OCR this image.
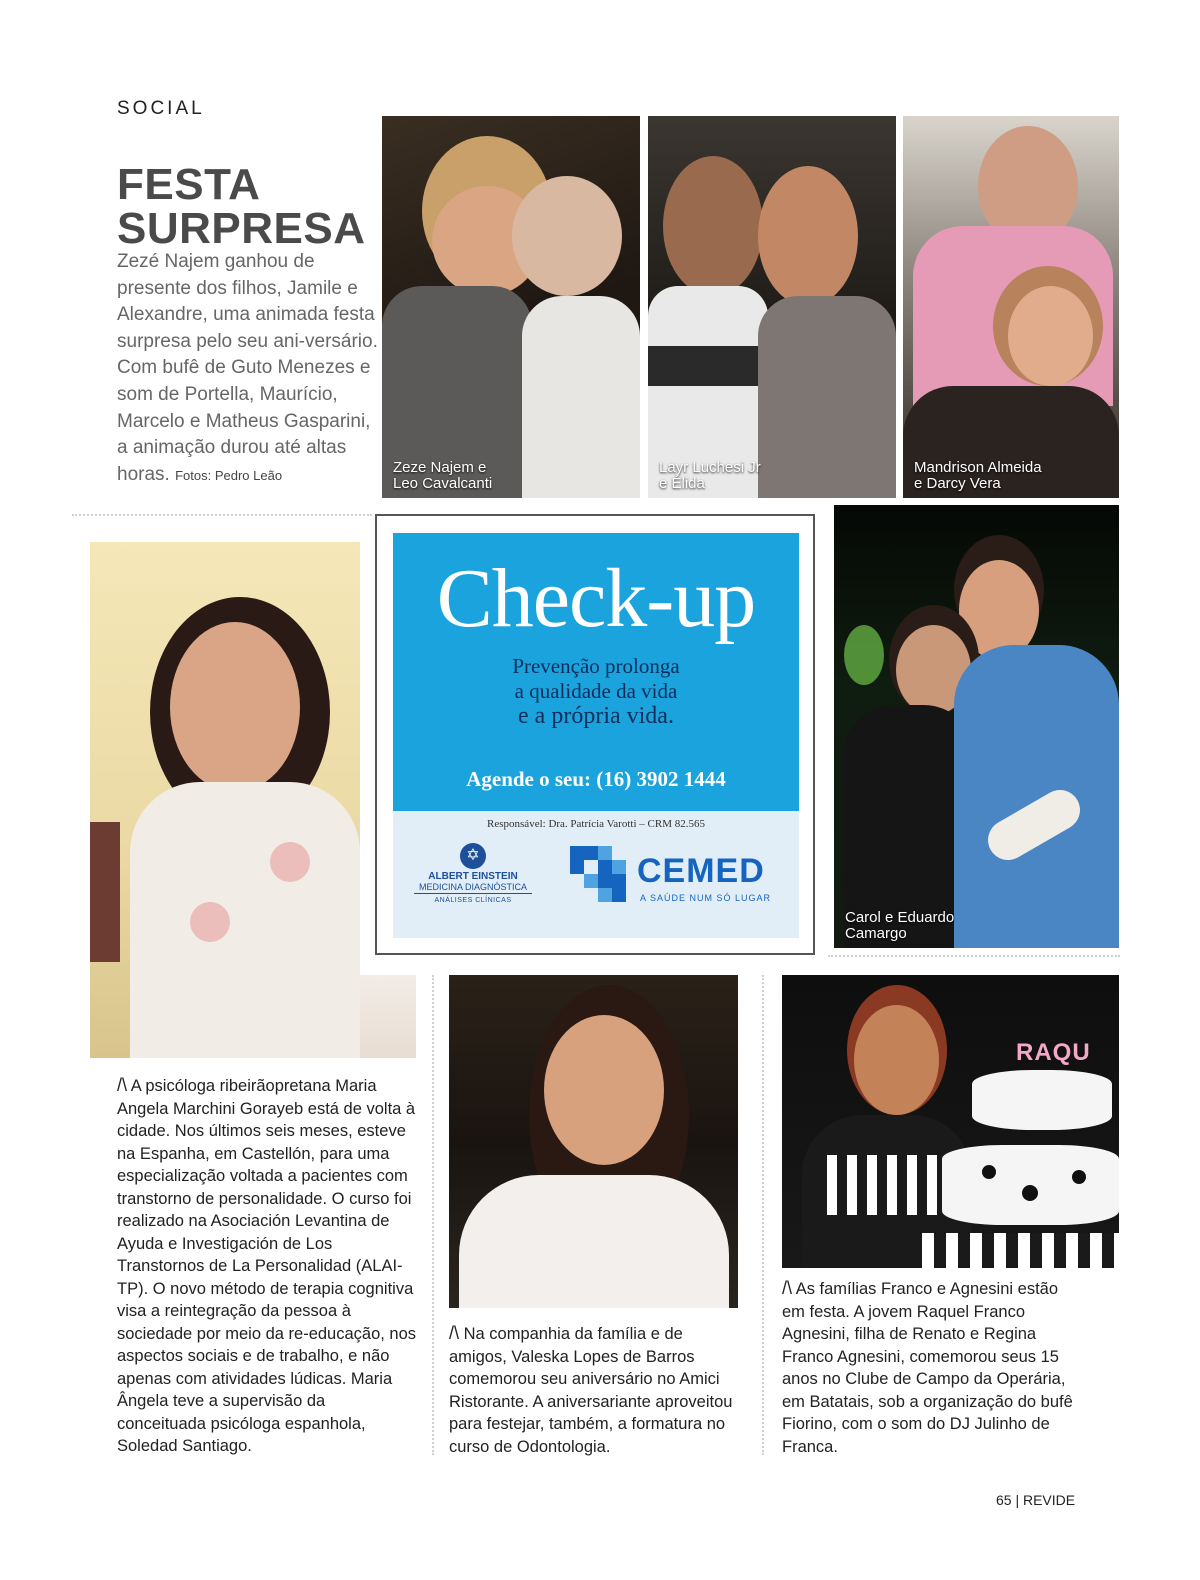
SOCIAL
FESTA
SURPRESA
Zezé Najem ganhou de presente dos filhos, Jamile e Alexandre, uma animada festa surpresa pelo seu ani-versário. Com bufê de Guto Menezes e som de Portella, Maurício, Marcelo e Matheus Gasparini, a animação durou até altas horas. Fotos: Pedro Leão	Zeze Najem e
Leo Cavalcanti
Layr Luchesi Jr
e Élida
Mandrison Almeida
e Darcy Vera
Check-up
Prevenção prolonga
a qualidade da vida
e a própria vida.
Agende o seu: (16) 3902 1444
Responsável: Dra. Patrícia Varotti – CRM 82.565
✡
ALBERT EINSTEIN
MEDICINA DIAGNÓSTICA
ANÁLISES CLÍNICAS
CEMED
A SAÚDE NUM SÓ LUGAR
Carol e Eduardo
Camargo
RAQU
/\ A psicóloga ribeirãopretana Maria Angela Marchini Gorayeb está de volta à cidade. Nos últimos seis meses, esteve na Espanha, em Castellón, para uma especialização voltada a pacientes com transtorno de personalidade. O curso foi realizado na Asociación Levantina de Ayuda e Investigación de Los Transtornos de La Personalidad (ALAI-TP). O novo método de terapia cognitiva visa a reintegração da pessoa à sociedade por meio da re-educação, nos aspectos sociais e de trabalho, e não apenas com atividades lúdicas. Maria Ângela teve a supervisão da conceituada psicóloga espanhola, Soledad Santiago.
/\ Na companhia da família e de amigos, Valeska Lopes de Barros comemorou seu aniversário no Amici Ristorante. A aniversariante aproveitou para festejar, também, a formatura no curso de Odontologia.
/\ As famílias Franco e Agnesini estão em festa. A jovem Raquel Franco Agnesini, filha de Renato e Regina Franco Agnesini, comemorou seus 15 anos no Clube de Campo da Operária, em Batatais, sob a organização do bufê Fiorino, com o som do DJ Julinho de Franca.
65 | REVIDE
